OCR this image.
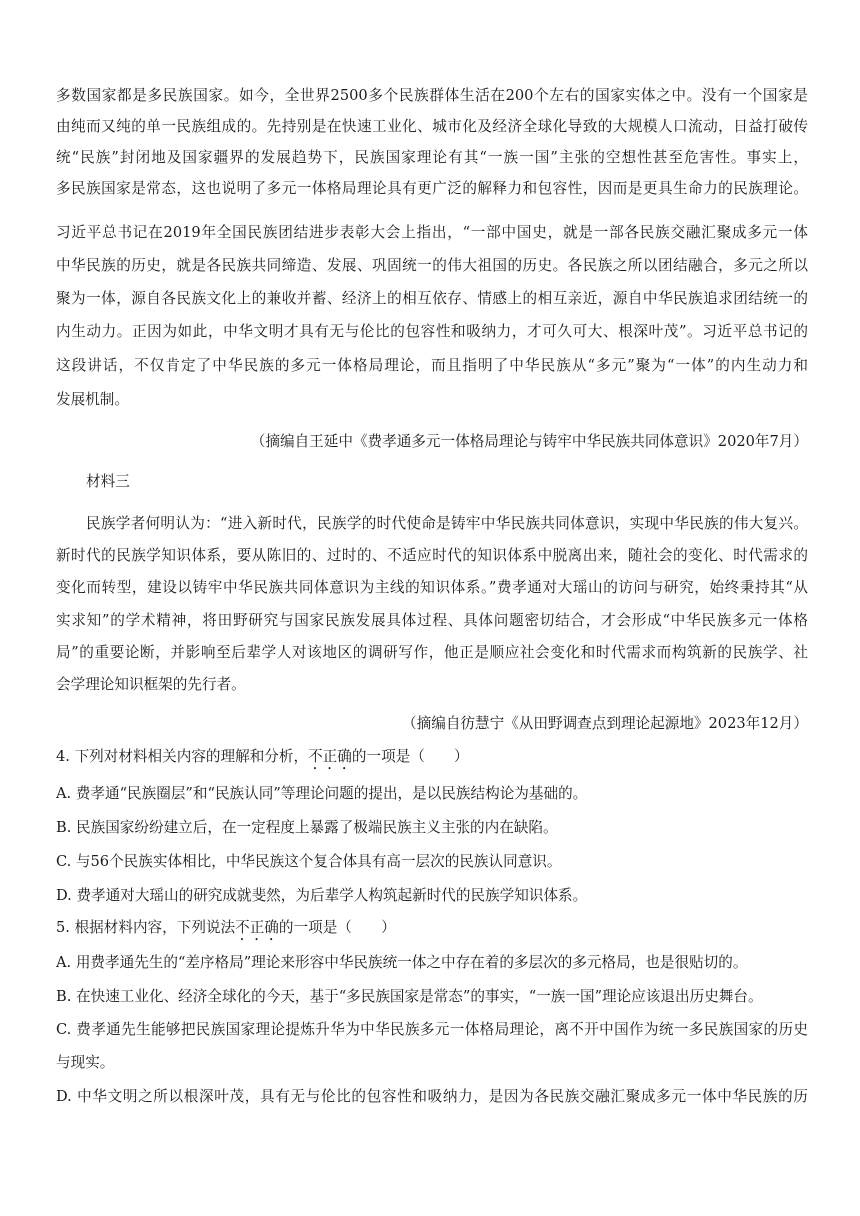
多数国家都是多民族国家。如今，全世界2500多个民族群体生活在200个左右的国家实体之中。没有一个国家是
由纯而又纯的单一民族组成的。先持别是在快速工业化、城市化及经济全球化导致的大规模人口流动，日益打破传
统“民族”封闭地及国家疆界的发展趋势下，民族国家理论有其“一族一国”主张的空想性甚至危害性。事实上，
多民族国家是常态，这也说明了多元一体格局理论具有更广泛的解释力和包容性，因而是更具生命力的民族理论。
习近平总书记在2019年全国民族团结进步表彰大会上指出，“一部中国史，就是一部各民族交融汇聚成多元一体
中华民族的历史，就是各民族共同缔造、发展、巩固统一的伟大祖国的历史。各民族之所以团结融合，多元之所以
聚为一体，源自各民族文化上的兼收并蓄、经济上的相互依存、情感上的相互亲近，源自中华民族追求团结统一的
内生动力。正因为如此，中华文明才具有无与伦比的包容性和吸纳力，才可久可大、根深叶茂”。习近平总书记的
这段讲话，不仅肯定了中华民族的多元一体格局理论，而且指明了中华民族从“多元”聚为“一体”的内生动力和
发展机制。
（摘编自王延中《费孝通多元一体格局理论与铸牢中华民族共同体意识》2020年7月）
材料三
民族学者何明认为：“进入新时代，民族学的时代使命是铸牢中华民族共同体意识，实现中华民族的伟大复兴。
新时代的民族学知识体系，要从陈旧的、过时的、不适应时代的知识体系中脱离出来，随社会的变化、时代需求的
变化而转型，建设以铸牢中华民族共同体意识为主线的知识体系。”费孝通对大瑶山的访问与研究，始终秉持其“从
实求知”的学术精神，将田野研究与国家民族发展具体过程、具体问题密切结合，才会形成“中华民族多元一体格
局”的重要论断，并影响至后辈学人对该地区的调研写作，他正是顺应社会变化和时代需求而构筑新的民族学、社
会学理论知识框架的先行者。
（摘编自彷慧宁《从田野调查点到理论起源地》2023年12月）
4. 下列对材料相关内容的理解和分析，不正确的一项是（　　）
A. 费孝通“民族圈层”和“民族认同”等理论问题的提出，是以民族结构论为基础的。
B. 民族国家纷纷建立后，在一定程度上暴露了极端民族主义主张的内在缺陷。
C. 与56个民族实体相比，中华民族这个复合体具有高一层次的民族认同意识。
D. 费孝通对大瑶山的研究成就斐然，为后辈学人构筑起新时代的民族学知识体系。
5. 根据材料内容，下列说法不正确的一项是（　　）
A. 用费孝通先生的“差序格局”理论来形容中华民族统一体之中存在着的多层次的多元格局，也是很贴切的。
B. 在快速工业化、经济全球化的今天，基于“多民族国家是常态”的事实，“一族一国”理论应该退出历史舞台。
C. 费孝通先生能够把民族国家理论提炼升华为中华民族多元一体格局理论，离不开中国作为统一多民族国家的历史
与现实。
D. 中华文明之所以根深叶茂，具有无与伦比的包容性和吸纳力，是因为各民族交融汇聚成多元一体中华民族的历
